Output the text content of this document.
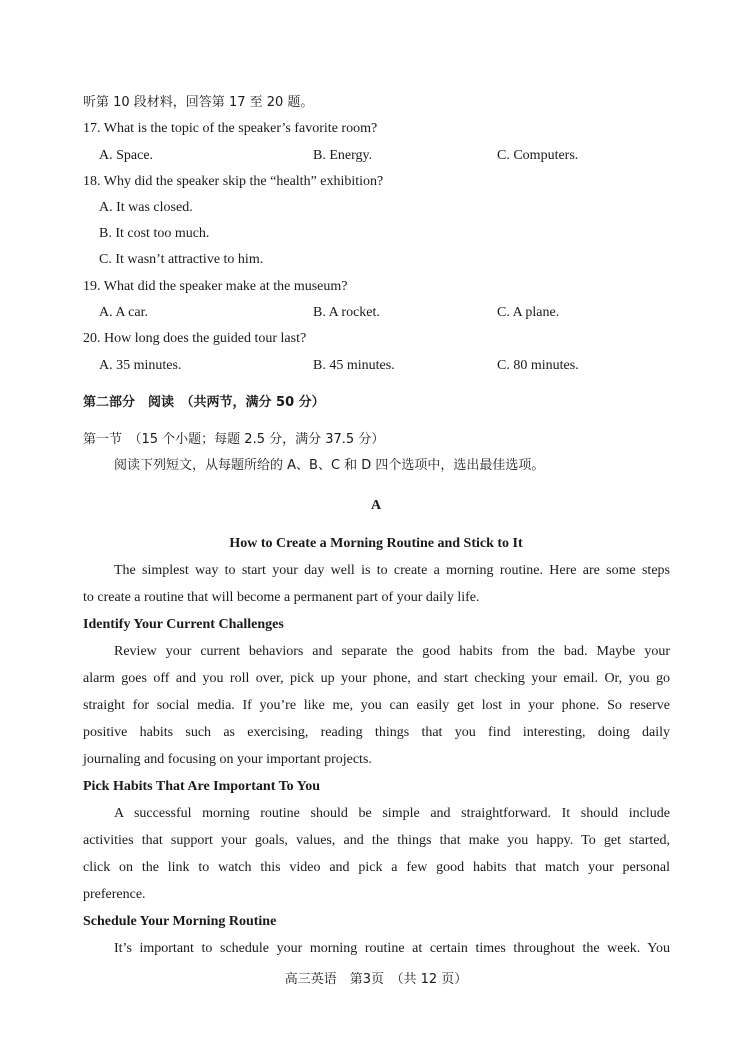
听第 10 段材料，回答第 17 至 20 题。
17. What is the topic of the speaker’s favorite room?
A. Space.	B. Energy.	C. Computers.
18. Why did the speaker skip the “health” exhibition?
A. It was closed.
B. It cost too much.
C. It wasn’t attractive to him.
19. What did the speaker make at the museum?
A. A car.	B. A rocket.	C. A plane.
20. How long does the guided tour last?
A. 35 minutes.	B. 45 minutes.	C. 80 minutes.
第二部分　阅读　（共两节，满分 50 分）
第一节　（15 个小题；每题 2.5 分，满分 37.5 分）
阅读下列短文，从每题所给的 A、B、C 和 D 四个选项中，选出最佳选项。
A
How to Create a Morning Routine and Stick to It
The simplest way to start your day well is to create a morning routine. Here are some steps
to create a routine that will become a permanent part of your daily life.
Identify Your Current Challenges
Review your current behaviors and separate the good habits from the bad. Maybe your
alarm goes off and you roll over, pick up your phone, and start checking your email. Or, you go
straight for social media. If you’re like me, you can easily get lost in your phone. So reserve
positive habits such as exercising, reading things that you find interesting, doing daily
journaling and focusing on your important projects.
Pick Habits That Are Important To You
A successful morning routine should be simple and straightforward. It should include
activities that support your goals, values, and the things that make you happy. To get started,
click on the link to watch this video and pick a few good habits that match your personal
preference.
Schedule Your Morning Routine
It’s important to schedule your morning routine at certain times throughout the week. You
高三英语　第3页　（共 12 页）
